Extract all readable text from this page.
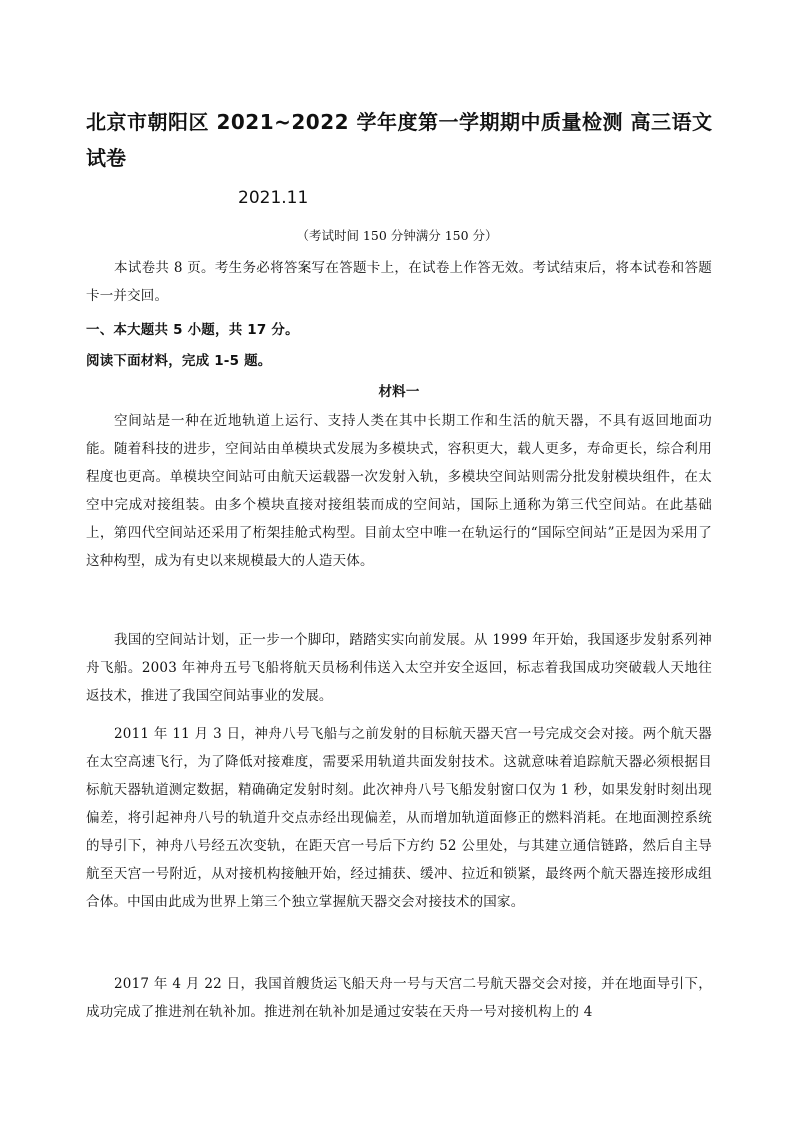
北京市朝阳区 2021~2022 学年度第一学期期中质量检测 高三语文
试卷
2021.11
（考试时间 150 分钟满分 150 分）
本试卷共 8 页。考生务必将答案写在答题卡上，在试卷上作答无效。考试结束后，将本试卷和答题卡一并交回。
一、本大题共 5 小题，共 17 分。
阅读下面材料，完成 1-5 题。
材料一
空间站是一种在近地轨道上运行、支持人类在其中长期工作和生活的航天器，不具有返回地面功能。随着科技的进步，空间站由单模块式发展为多模块式，容积更大，载人更多，寿命更长，综合利用程度也更高。单模块空间站可由航天运载器一次发射入轨，多模块空间站则需分批发射模块组件，在太空中完成对接组装。由多个模块直接对接组装而成的空间站，国际上通称为第三代空间站。在此基础上，第四代空间站还采用了桁架挂舱式构型。目前太空中唯一在轨运行的“国际空间站”正是因为采用了这种构型，成为有史以来规模最大的人造天体。
我国的空间站计划，正一步一个脚印，踏踏实实向前发展。从 1999 年开始，我国逐步发射系列神舟飞船。2003 年神舟五号飞船将航天员杨利伟送入太空并安全返回，标志着我国成功突破载人天地往返技术，推进了我国空间站事业的发展。
2011 年 11 月 3 日，神舟八号飞船与之前发射的目标航天器天宫一号完成交会对接。两个航天器在太空高速飞行，为了降低对接难度，需要采用轨道共面发射技术。这就意味着追踪航天器必须根据目标航天器轨道测定数据，精确确定发射时刻。此次神舟八号飞船发射窗口仅为 1 秒，如果发射时刻出现偏差，将引起神舟八号的轨道升交点赤经出现偏差，从而增加轨道面修正的燃料消耗。在地面测控系统的导引下，神舟八号经五次变轨，在距天宫一号后下方约 52 公里处，与其建立通信链路，然后自主导航至天宫一号附近，从对接机构接触开始，经过捕获、缓冲、拉近和锁紧，最终两个航天器连接形成组合体。中国由此成为世界上第三个独立掌握航天器交会对接技术的国家。
2017 年 4 月 22 日，我国首艘货运飞船天舟一号与天宫二号航天器交会对接，并在地面导引下，成功完成了推进剂在轨补加。推进剂在轨补加是通过安装在天舟一号对接机构上的 4
